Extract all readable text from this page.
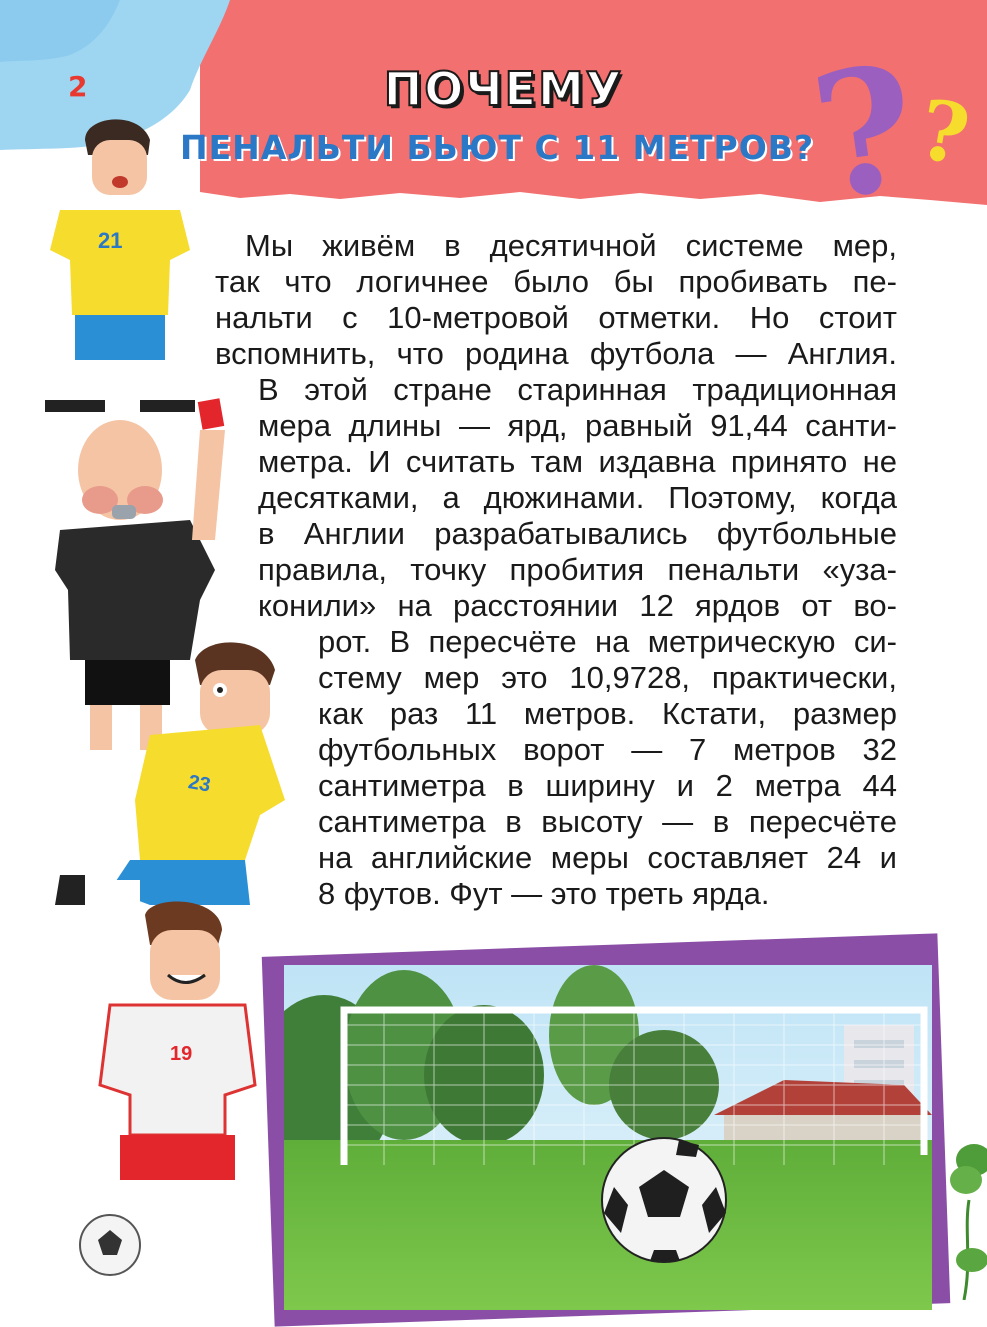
2	ПОЧЕМУ
ПЕНАЛЬТИ БЬЮТ С 11 МЕТРОВ?
?
?
Мы живём в десятичной системе мер,
так что логичнее было бы пробивать пе-
нальти с 10-метровой отметки. Но стоит
вспомнить, что родина футбола — Англия.
В этой стране старинная традиционная
мера длины — ярд, равный 91,44 санти-
метра. И считать там издавна принято не
десятками, а дюжинами. Поэтому, когда
в Англии разрабатывались футбольные
правила, точку пробития пенальти «уза-
конили» на расстоянии 12 ярдов от во-
рот. В пересчёте на метрическую си-
стему мер это 10,9728, практически,
как раз 11 метров. Кстати, размер
футбольных ворот — 7 метров 32
сантиметра в ширину и 2 метра 44
сантиметра в высоту — в пересчёте
на английские меры составляет 24 и
8 футов. Фут — это треть ярда.
21
23
19
